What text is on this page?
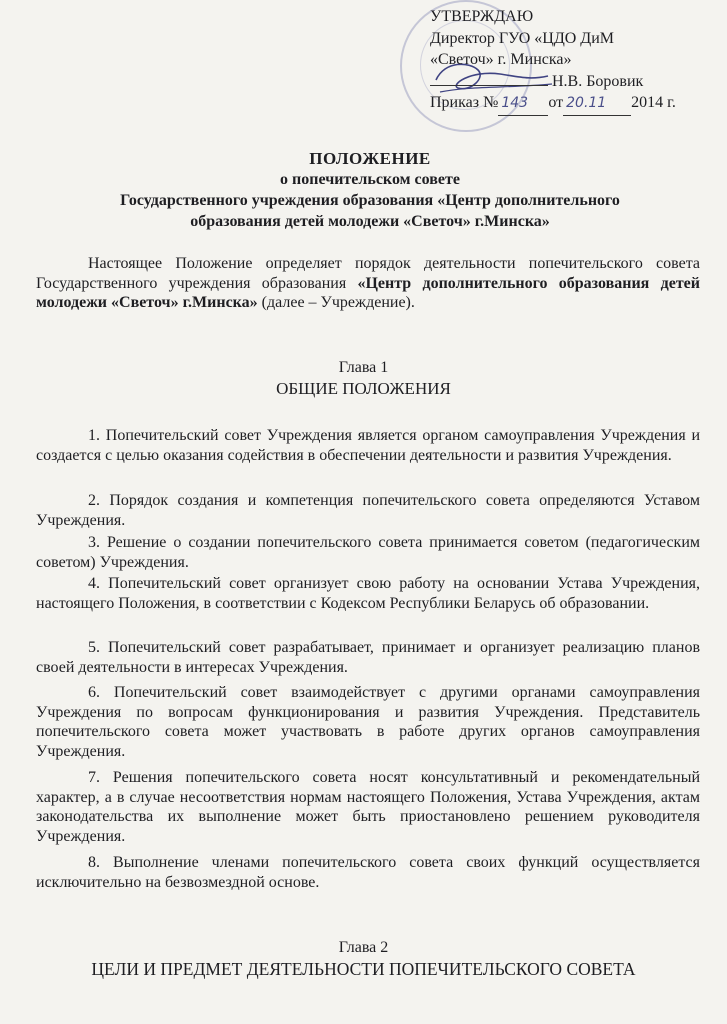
УТВЕРЖДАЮ
Директор ГУО «ЦДО ДиМ
«Светоч» г. Минска»
Н.В. Боровик
Приказ № 143 от 20.11 2014 г.
ПОЛОЖЕНИЕ
о попечительском совете
Государственного учреждения образования «Центр дополнительного
образования детей молодежи «Светоч» г.Минска»
Настоящее Положение определяет порядок деятельности попечительского совета Государственного учреждения образования «Центр дополнительного образования детей молодежи «Светоч» г.Минска» (далее – Учреждение).
Глава 1
ОБЩИЕ ПОЛОЖЕНИЯ
1. Попечительский совет Учреждения является органом самоуправления Учреждения и создается с целью оказания содействия в обеспечении деятельности и развития Учреждения.
2. Порядок создания и компетенция попечительского совета определяются Уставом Учреждения.
3. Решение о создании попечительского совета принимается советом (педагогическим советом) Учреждения.
4. Попечительский совет организует свою работу на основании Устава Учреждения, настоящего Положения, в соответствии с Кодексом Республики Беларусь об образовании.
5. Попечительский совет разрабатывает, принимает и организует реализацию планов своей деятельности в интересах Учреждения.
6. Попечительский совет взаимодействует с другими органами самоуправления Учреждения по вопросам функционирования и развития Учреждения. Представитель попечительского совета может участвовать в работе других органов самоуправления Учреждения.
7. Решения попечительского совета носят консультативный и рекомендательный характер, а в случае несоответствия нормам настоящего Положения, Устава Учреждения, актам законодательства их выполнение может быть приостановлено решением руководителя Учреждения.
8. Выполнение членами попечительского совета своих функций осуществляется исключительно на безвозмездной основе.
Глава 2
ЦЕЛИ И ПРЕДМЕТ ДЕЯТЕЛЬНОСТИ ПОПЕЧИТЕЛЬСКОГО СОВЕТА
